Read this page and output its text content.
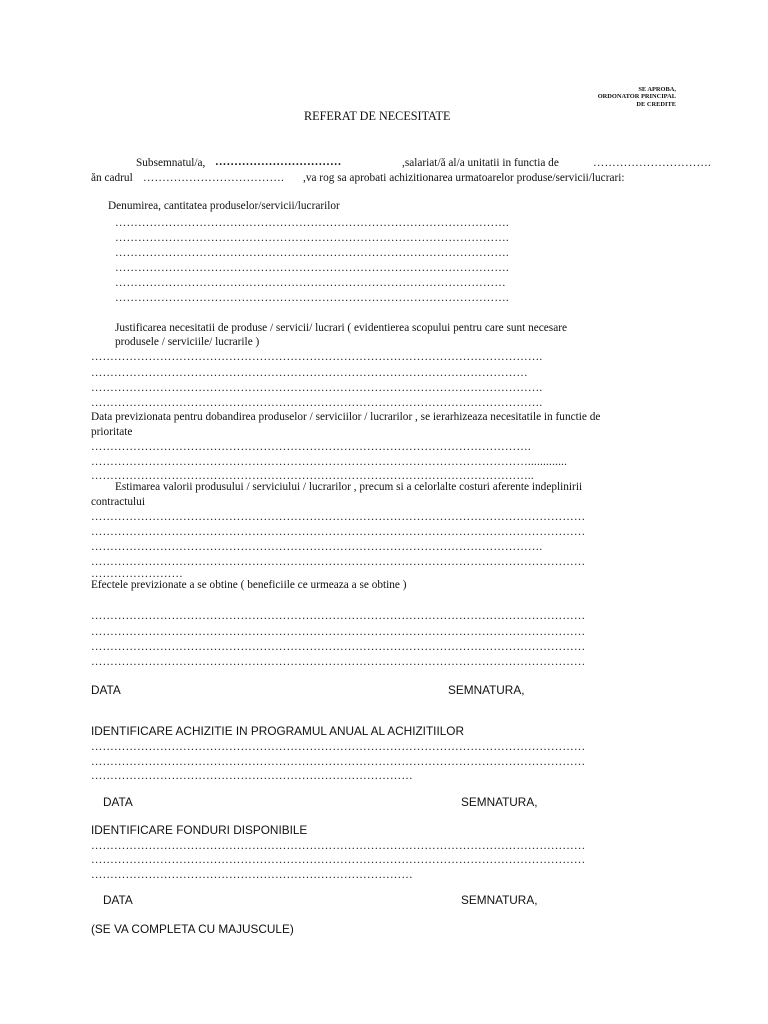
SE APROBA,
ORDONATOR PRINCIPAL
DE CREDITE
REFERAT DE NECESITATE
Subsemnatul/a, ……………………………	,salariat/ă al/a unitatii in functia de	………………………….
ăn cadrul ………………………………. ,va rog sa aprobati achizitionarea urmatoarelor produse/servicii/lucrari:
Denumirea, cantitatea produselor/servicii/lucrarilor
………………………………………………………………………………………….
………………………………………………………………………………………….
………………………………………………………………………………………….
………………………………………………………………………………………….
…………………………………………………………………………………………
………………………………………………………………………………………….
Justificarea necesitatii de produse / servicii/ lucrari ( evidentierea scopului pentru care sunt necesare
produsele / serviciile/ lucrarile )
……………………………………………………………………………………………………….
……………………………………………………………………………………………………
……………………………………………………………………………………………………….
……………………………………………………………………………………………………….
Data previzionata pentru dobandirea produselor / serviciilor / lucrarilor , se ierarhizeaza necesitatile in functie de
prioritate
…………………………………………………………………………………………………….
…………………………………………………………………………………………………….............
……………………………………………………………………………………………………..
Estimarea valorii produsului / serviciului / lucrarilor , precum si a celorlalte costuri aferente indeplinirii
contractului
…………………………………………………………………………………………………………………
…………………………………………………………………………………………………………………
……………………………………………………………………………………………………….
…………………………………………………………………………………………………………………
……………………
Efectele previzionate a se obtine ( beneficiile ce urmeaza a se obtine )
…………………………………………………………………………………………………………………
…………………………………………………………………………………………………………………
…………………………………………………………………………………………………………………
…………………………………………………………………………………………………………………
DATA	SEMNATURA,
IDENTIFICARE ACHIZITIE IN PROGRAMUL ANUAL AL ACHIZITIILOR
…………………………………………………………………………………………………………………
…………………………………………………………………………………………………………………
…………………………………………………………………………
DATA	SEMNATURA,
IDENTIFICARE FONDURI DISPONIBILE
…………………………………………………………………………………………………………………
…………………………………………………………………………………………………………………
…………………………………………………………………………
DATA	SEMNATURA,
(SE VA COMPLETA CU MAJUSCULE)
